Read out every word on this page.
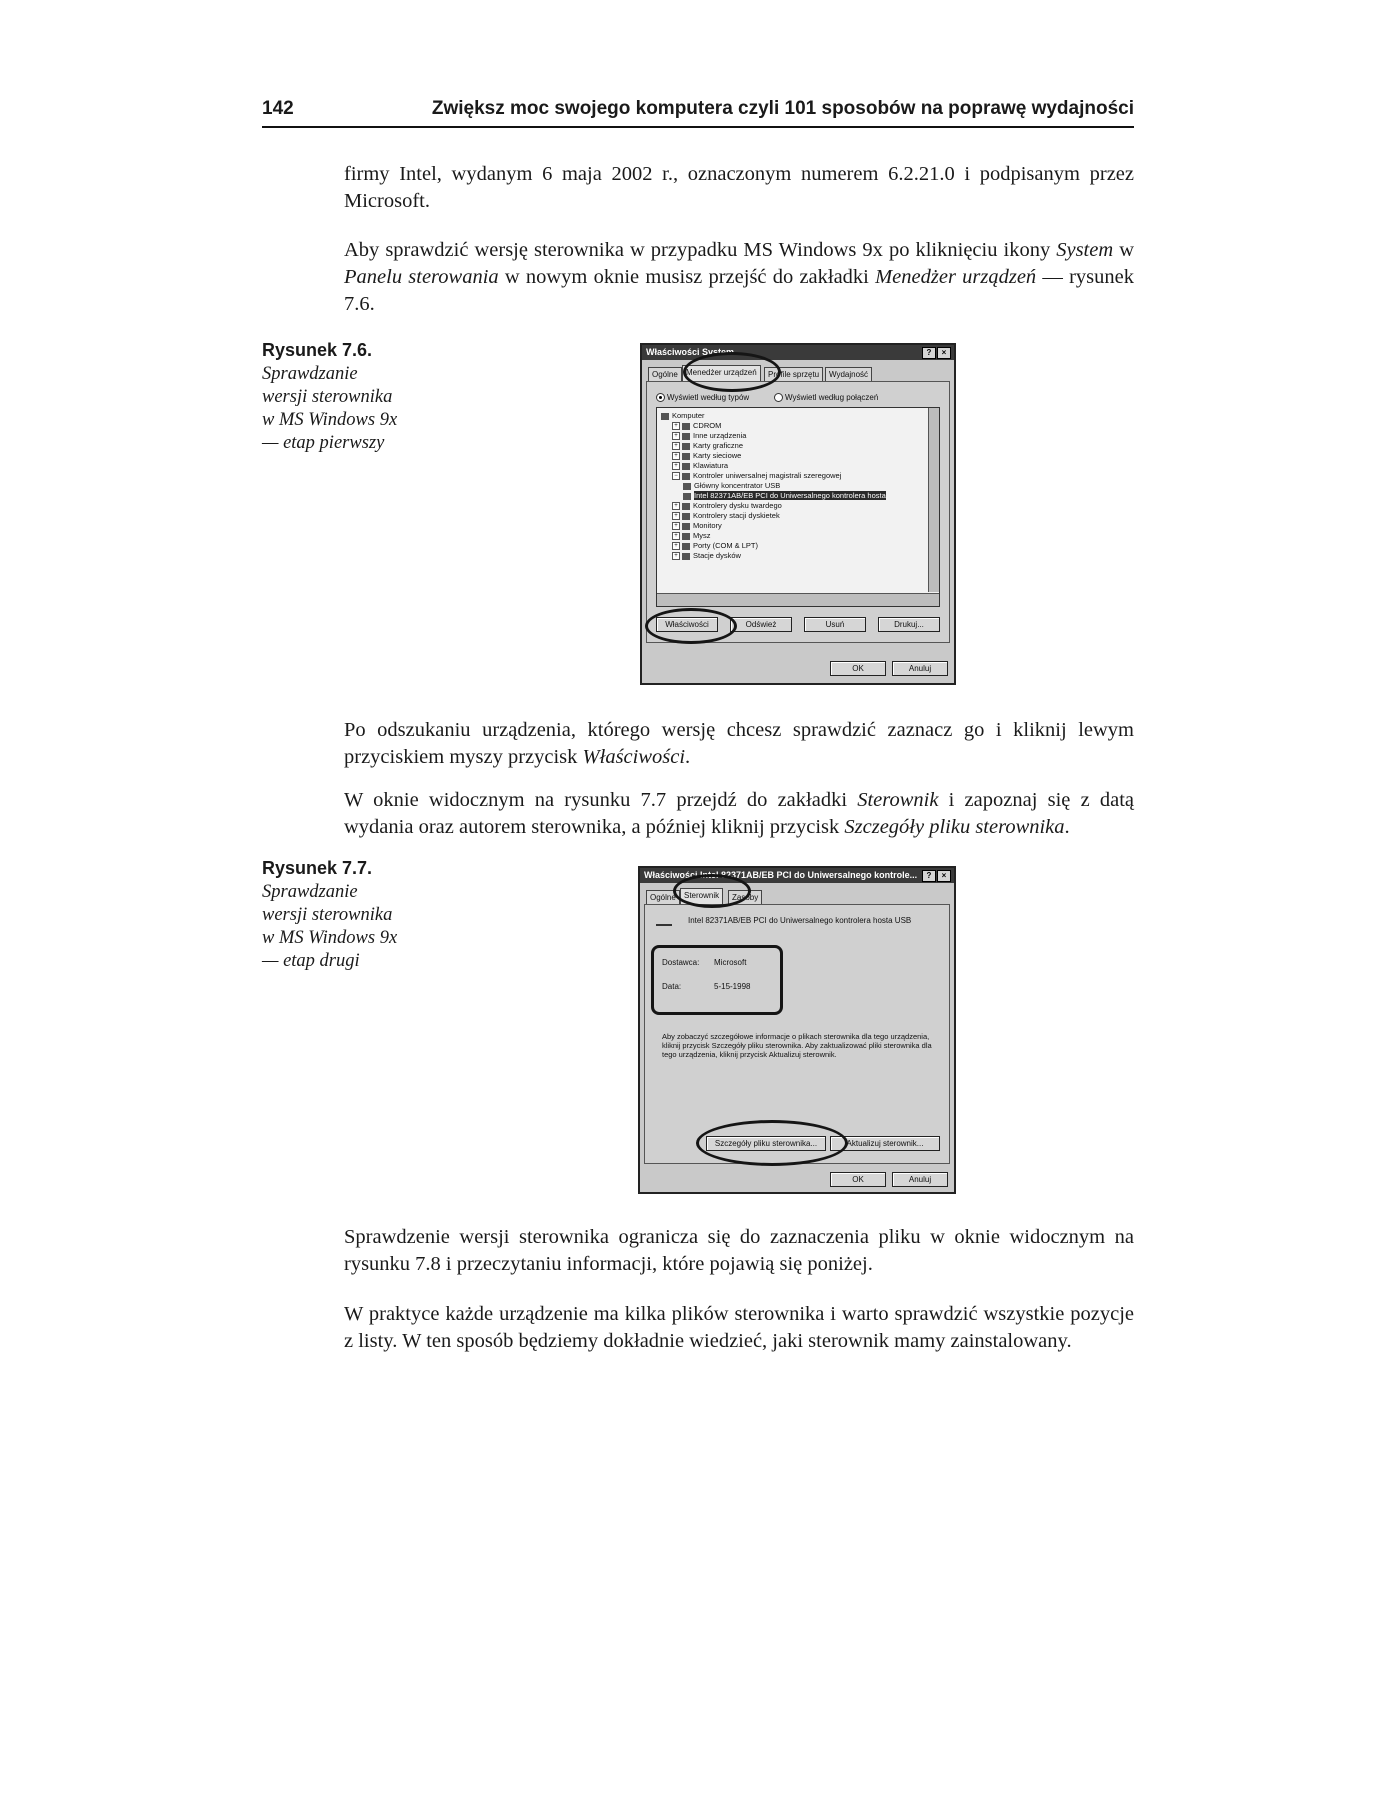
142	Zwiększ moc swojego komputera czyli 101 sposobów na poprawę wydajności

firmy Intel, wydanym 6 maja 2002 r., oznaczonym numerem 6.2.21.0 i podpisanym przez Microsoft.

Aby sprawdzić wersję sterownika w przypadku MS Windows 9x po kliknięciu ikony System w Panelu sterowania w nowym oknie musisz przejść do zakładki Menedżer urządzeń — rysunek 7.6.

Rysunek 7.6.
Sprawdzanie
wersji sterownika
w MS Windows 9x
— etap pierwszy
Właściwości System	?	×
Ogólne	Menedżer urządzeń	Profile sprzętu	Wydajność
Wyświetl według typów	Wyświetl według połączeń
Komputer
+ CDROM
+ Inne urządzenia
+ Karty graficzne
+ Karty sieciowe
+ Klawiatura
− Kontroler uniwersalnej magistrali szeregowej
Główny koncentrator USB
Intel 82371AB/EB PCI do Uniwersalnego kontrolera hosta
+ Kontrolery dysku twardego
+ Kontrolery stacji dyskietek
+ Monitory
+ Mysz
+ Porty (COM & LPT)
+ Stacje dysków
Właściwości	Odśwież	Usuń	Drukuj...
OK	Anuluj

Po odszukaniu urządzenia, którego wersję chcesz sprawdzić zaznacz go i kliknij lewym przyciskiem myszy przycisk Właściwości.

W oknie widocznym na rysunku 7.7 przejdź do zakładki Sterownik i zapoznaj się z datą wydania oraz autorem sterownika, a później kliknij przycisk Szczegóły pliku sterownika.

Rysunek 7.7.
Sprawdzanie
wersji sterownika
w MS Windows 9x
— etap drugi
Właściwości Intel 82371AB/EB PCI do Uniwersalnego kontrole...	?	×
Ogólne	Sterownik	Zasoby
Intel 82371AB/EB PCI do Uniwersalnego kontrolera hosta USB
Dostawca: Microsoft
Data:	5-15-1998
Aby zobaczyć szczegółowe informacje o plikach sterownika dla tego urządzenia, kliknij przycisk Szczegóły pliku sterownika. Aby zaktualizować pliki sterownika dla tego urządzenia, kliknij przycisk Aktualizuj sterownik.
Szczegóły pliku sterownika...	Aktualizuj sterownik...
OK	Anuluj

Sprawdzenie wersji sterownika ogranicza się do zaznaczenia pliku w oknie widocznym na rysunku 7.8 i przeczytaniu informacji, które pojawią się poniżej.

W praktyce każde urządzenie ma kilka plików sterownika i warto sprawdzić wszystkie pozycje z listy. W ten sposób będziemy dokładnie wiedzieć, jaki sterownik mamy zainstalowany.
